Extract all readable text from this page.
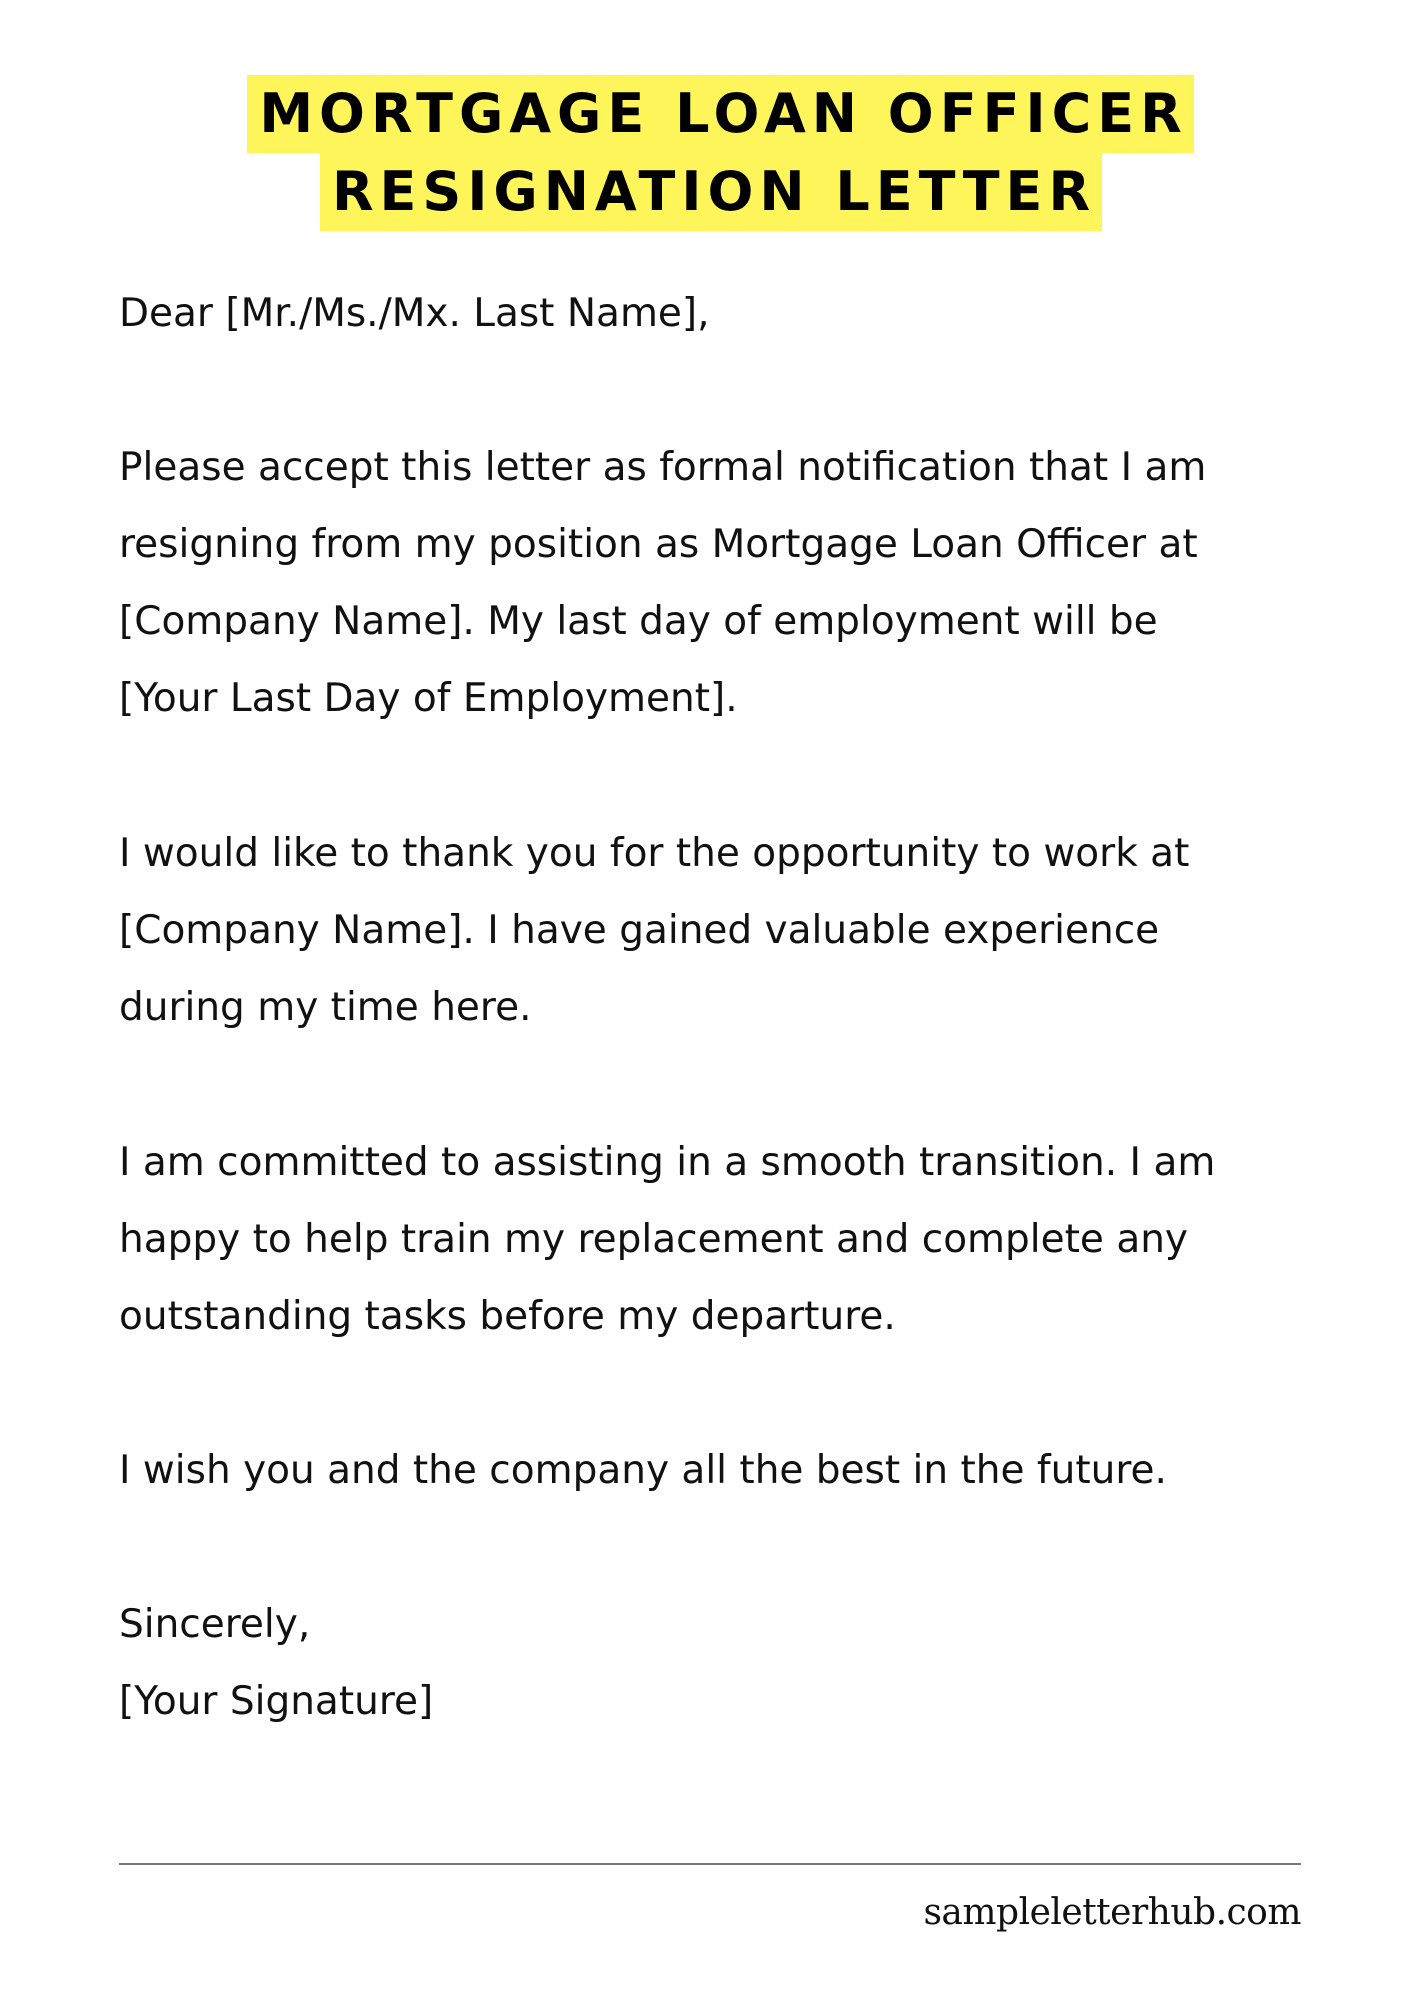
MORTGAGE LOAN OFFICER
RESIGNATION LETTER
Dear [Mr./Ms./Mx. Last Name],
Please accept this letter as formal notification that I am
resigning from my position as Mortgage Loan Officer at
[Company Name]. My last day of employment will be
[Your Last Day of Employment].
I would like to thank you for the opportunity to work at
[Company Name]. I have gained valuable experience
during my time here.
I am committed to assisting in a smooth transition. I am
happy to help train my replacement and complete any
outstanding tasks before my departure.
I wish you and the company all the best in the future.
Sincerely,
[Your Signature]
sampleletterhub.com
